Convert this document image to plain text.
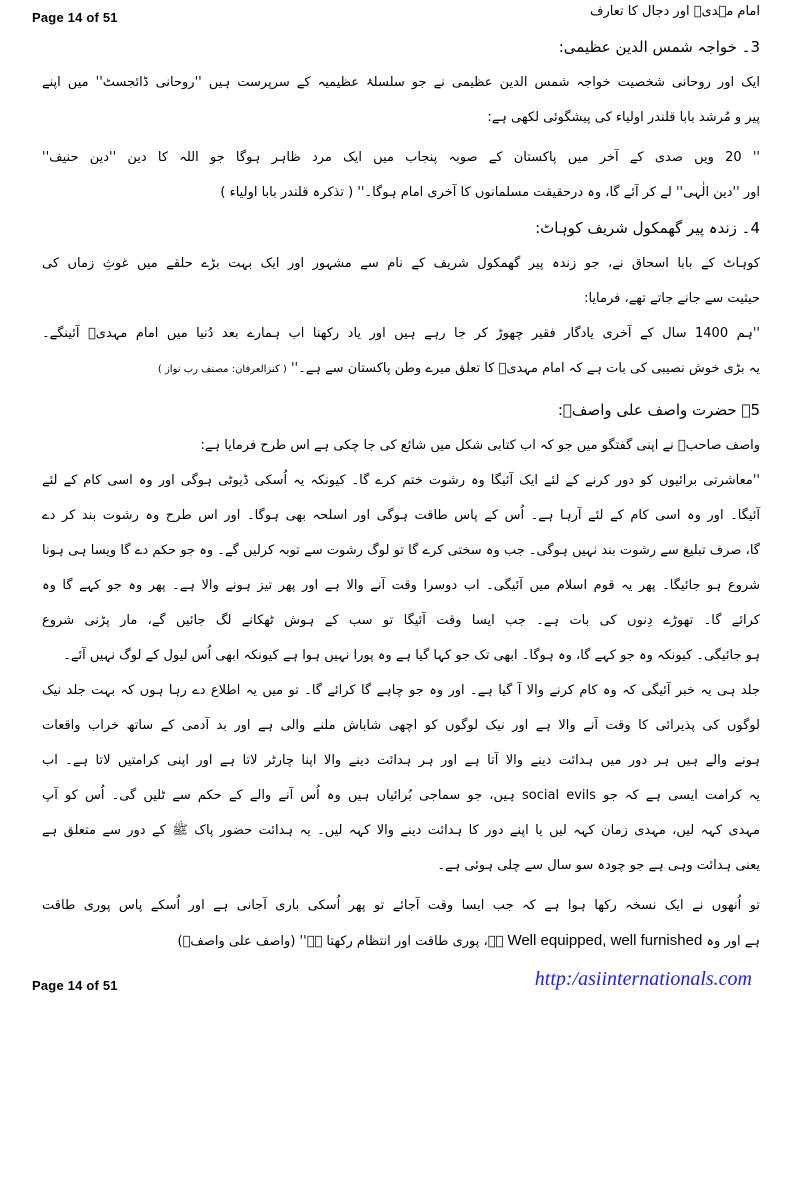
Page 14 of 51	امام مہدیؑ اور دجال کا تعارف
3۔ خواجہ شمس الدین عظیمی:
ایک اور روحانی شخصیت خواجہ شمس الدین عظیمی نے جو سلسلۂ عظیمیہ کے سرپرست ہیں ''روحانی ڈائجسٹ'' میں اپنے
پیر و مُرشد بابا قلندر اولیاء کی پیشگوئی لکھی ہے:
'' 20 ویں صدی کے آخر میں پاکستان کے صوبہ پنجاب میں ایک مرد ظاہر ہوگا جو اللہ کا دین ''دین حنیف''
اور ''دین الٰہی'' لے کر آئے گا، وہ درحقیقت مسلمانوں کا آخری امام ہوگا۔'' ( تذکرہ قلندر بابا اولیاء )
4۔ زندہ پیر گھمکول شریف کوہاٹ:
کوہاٹ کے بابا اسحاق نے، جو زندہ پیر گھمکول شریف کے نام سے مشہور اور ایک بہت بڑے حلقے میں غوثِ زماں کی
حیثیت سے جانے جاتے تھے، فرمایا:
''ہم 1400 سال کے آخری یادگار فقیر چھوڑ کر جا رہے ہیں اور یاد رکھنا اب ہمارے بعد دُنیا میں امام مہدیؑ آئینگے۔
یہ بڑی خوش نصیبی کی بات ہے کہ امام مہدیؑ کا تعلق میرے وطن پاکستان سے ہے۔'' ( کنزالعرفان: مصنف رب نواز )
5۔ حضرت واصف علی واصفؒ:
واصف صاحبؒ نے اپنی گفتگو میں جو کہ اب کتابی شکل میں شائع کی جا چکی ہے اس طرح فرمایا ہے:
''معاشرتی برائیوں کو دور کرنے کے لئے ایک آئیگا وہ رشوت ختم کرے گا۔ کیونکہ یہ اُسکی ڈیوٹی ہوگی اور وہ اسی کام کے لئے
آئیگا۔ اور وہ اسی کام کے لئے آرہا ہے۔ اُس کے پاس طاقت ہوگی اور اسلحہ بھی ہوگا۔ اور اس طرح وہ رشوت بند کر دے
گا، صرف تبلیغ سے رشوت بند نہیں ہوگی۔ جب وہ سختی کرے گا تو لوگ رشوت سے توبہ کرلیں گے۔ وہ جو حکم دے گا ویسا ہی ہونا
شروع ہو جائیگا۔ پھر یہ قوم اسلام میں آئیگی۔ اب دوسرا وقت آنے والا ہے اور پھر تیز ہونے والا ہے۔ پھر وہ جو کہے گا وہ
کرائے گا۔ تھوڑے دِنوں کی بات ہے۔ جب ایسا وقت آئیگا تو سب کے ہوش ٹھکانے لگ جائیں گے، مار پڑنی شروع
ہو جائیگی۔ کیونکہ وہ جو کہے گا، وہ ہوگا۔ ابھی تک جو کہا گیا ہے وہ پورا نہیں ہوا ہے کیونکہ ابھی اُس لیول کے لوگ نہیں آئے۔
جلد ہی یہ خبر آئیگی کہ وہ کام کرنے والا آ گیا ہے۔ اور وہ جو چاہے گا کرائے گا۔ تو میں یہ اطلاع دے رہا ہوں کہ بہت جلد نیک
لوگوں کی پذیرائی کا وقت آنے والا ہے اور نیک لوگوں کو اچھی شاباش ملنے والی ہے اور بد آدمی کے ساتھ خراب واقعات
ہونے والے ہیں ہر دور میں ہدائت دینے والا آتا ہے اور ہر ہدائت دینے والا اپنا چارٹر لاتا ہے اور اپنی کرامتیں لاتا ہے۔ اب
یہ کرامت ایسی ہے کہ جو social evils ہیں، جو سماجی بُرائیاں ہیں وہ اُس آنے والے کے حکم سے ٹلیں گی۔ اُس کو آپ
مہدی کہہ لیں، مہدی زمان کہہ لیں یا اپنے دور کا ہدائت دینے والا کہہ لیں۔ یہ ہدائت حضور پاک ﷺ کے دور سے متعلق ہے
یعنی ہدائت وہی ہے جو چودہ سو سال سے چلی ہوئی ہے۔
تو اُنھوں نے ایک نسخہ رکھا ہوا ہے کہ جب ایسا وقت آجائے تو پھر اُسکی باری آجانی ہے اور اُسکے پاس پوری طاقت
ہے اور وہ Well equipped, well furnished ہے، پوری طاقت اور انتظام رکھتا ہے'' (واصف علی واصفؒ)
Page 14 of 51	http:/asiinternationals.com
